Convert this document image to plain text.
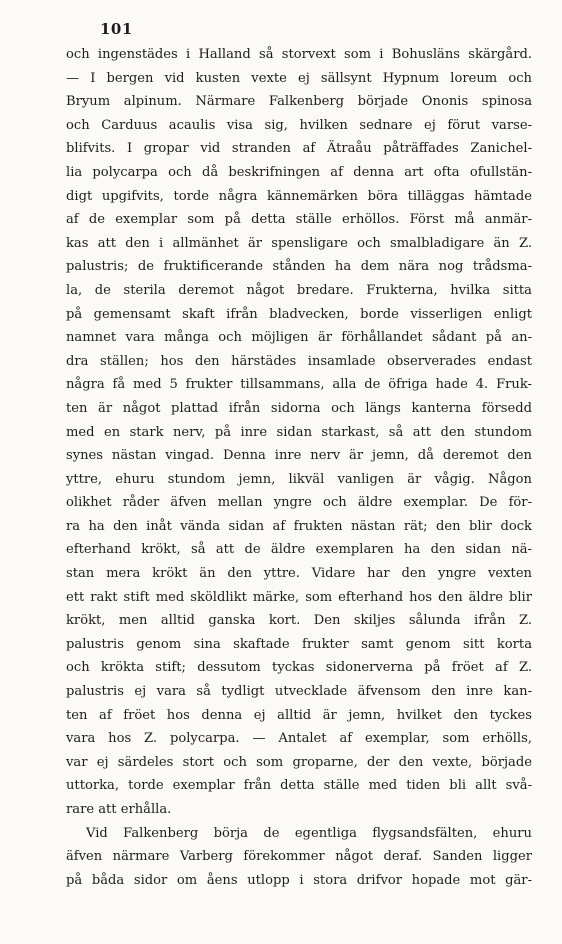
101
och ingenstädes i Halland så storvext som i Bohusläns skärgård.
— I bergen vid kusten vexte ej sällsynt Hypnum loreum och
Bryum alpinum. Närmare Falkenberg började Ononis spinosa
och Carduus acaulis visa sig, hvilken sednare ej förut varse-
blifvits. I gropar vid stranden af Ätraåu påträffades Zanichel-
lia polycarpa och då beskrifningen af denna art ofta ofullstän-
digt upgifvits, torde några kännemärken böra tilläggas hämtade
af de exemplar som på detta ställe erhöllos. Först må anmär-
kas att den i allmänhet är spensligare och smalbladigare än Z.
palustris; de fruktificerande stånden ha dem nära nog trådsma-
la, de sterila deremot något bredare. Frukterna, hvilka sitta
på gemensamt skaft ifrån bladvecken, borde visserligen enligt
namnet vara många och möjligen är förhållandet sådant på an-
dra ställen; hos den härstädes insamlade observerades endast
några få med 5 frukter tillsammans, alla de öfriga hade 4. Fruk-
ten är något plattad ifrån sidorna och längs kanterna försedd
med en stark nerv, på inre sidan starkast, så att den stundom
synes nästan vingad. Denna inre nerv är jemn, då deremot den
yttre, ehuru stundom jemn, likväl vanligen är vågig. Någon
olikhet råder äfven mellan yngre och äldre exemplar. De för-
ra ha den inåt vända sidan af frukten nästan rät; den blir dock
efterhand krökt, så att de äldre exemplaren ha den sidan nä-
stan mera krökt än den yttre. Vidare har den yngre vexten
ett rakt stift med sköldlikt märke, som efterhand hos den äldre blir
krökt, men alltid ganska kort. Den skiljes sålunda ifrån Z.
palustris genom sina skaftade frukter samt genom sitt korta
och krökta stift; dessutom tyckas sidonerverna på fröet af Z.
palustris ej vara så tydligt utvecklade äfvensom den inre kan-
ten af fröet hos denna ej alltid är jemn, hvilket den tyckes
vara hos Z. polycarpa. — Antalet af exemplar, som erhölls,
var ej särdeles stort och som groparne, der den vexte, började
uttorka, torde exemplar från detta ställe med tiden bli allt svå-
rare att erhålla.
Vid Falkenberg börja de egentliga flygsandsfälten, ehuru
äfven närmare Varberg förekommer något deraf. Sanden ligger
på båda sidor om åens utlopp i stora drifvor hopade mot gär-
